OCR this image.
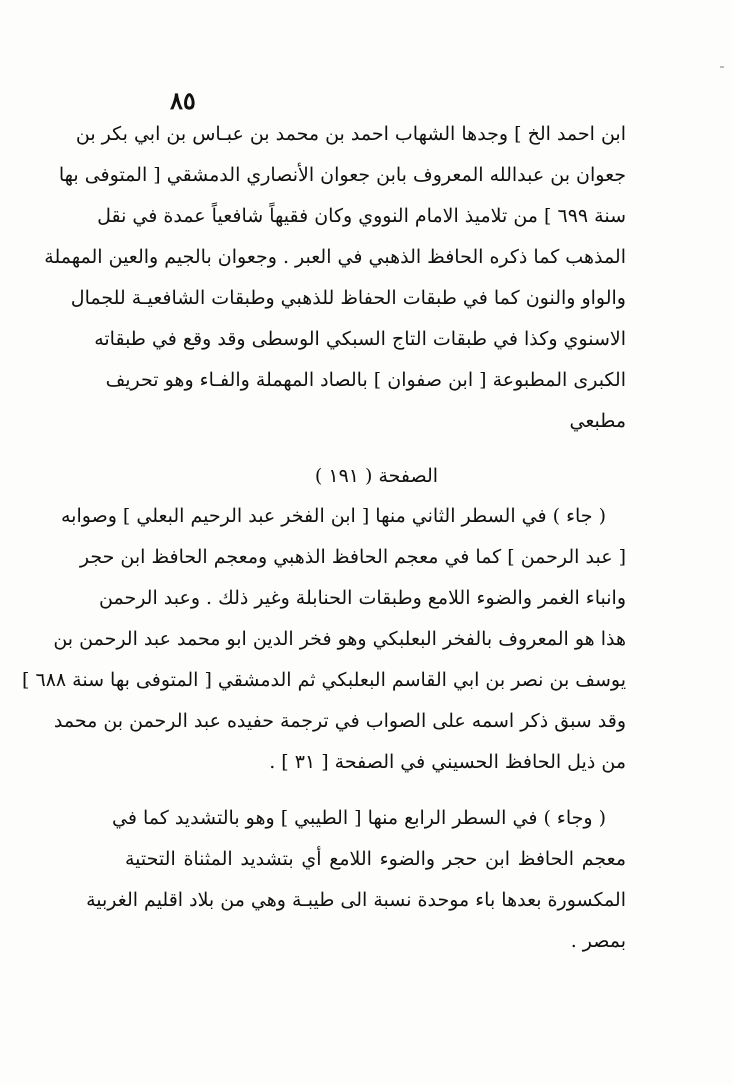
٨٥
ابن احمد الخ ] وجدها الشهاب احمد بن محمد بن عبـاس بن ابي بكر بن
جعوان بن عبدالله المعروف بابن جعوان الأنصاري الدمشقي [ المتوفى بها
سنة ٦٩٩ ] من تلاميذ الامام النووي وكان فقيهاً شافعياً عمدة في نقل
المذهب كما ذكره الحافظ الذهبي في العبر . وجعوان بالجيم والعين المهملة
والواو والنون كما في طبقات الحفاظ للذهبي وطبقات الشافعيـة للجمال
الاسنوي وكذا في طبقات التاج السبكي الوسطى وقد وقع في طبقاته
الكبرى المطبوعة [ ابن صفوان ] بالصاد المهملة والفـاء وهو تحريف
مطبعي
الصفحة ( ١٩١ )
( جاء ) في السطر الثاني منها [ ابن الفخر عبد الرحيم البعلي ] وصوابه
[ عبد الرحمن ] كما في معجم الحافظ الذهبي ومعجم الحافظ ابن حجر
وانباء الغمر والضوء اللامع وطبقات الحنابلة وغير ذلك . وعبد الرحمن
هذا هو المعروف بالفخر البعلبكي وهو فخر الدين ابو محمد عبد الرحمن بن
يوسف بن نصر بن ابي القاسم البعلبكي ثم الدمشقي [ المتوفى بها سنة ٦٨٨ ]
وقد سبق ذكر اسمه على الصواب في ترجمة حفيده عبد الرحمن بن محمد
من ذيل الحافظ الحسيني في الصفحة [ ٣١ ] .
( وجاء ) في السطر الرابع منها [ الطيبي ] وهو بالتشديد كما في
معجم الحافظ ابن حجر والضوء اللامع أي بتشديد المثناة التحتية
المكسورة بعدها باء موحدة نسبة الى طيبـة وهي من بلاد اقليم الغربية
بمصر .
